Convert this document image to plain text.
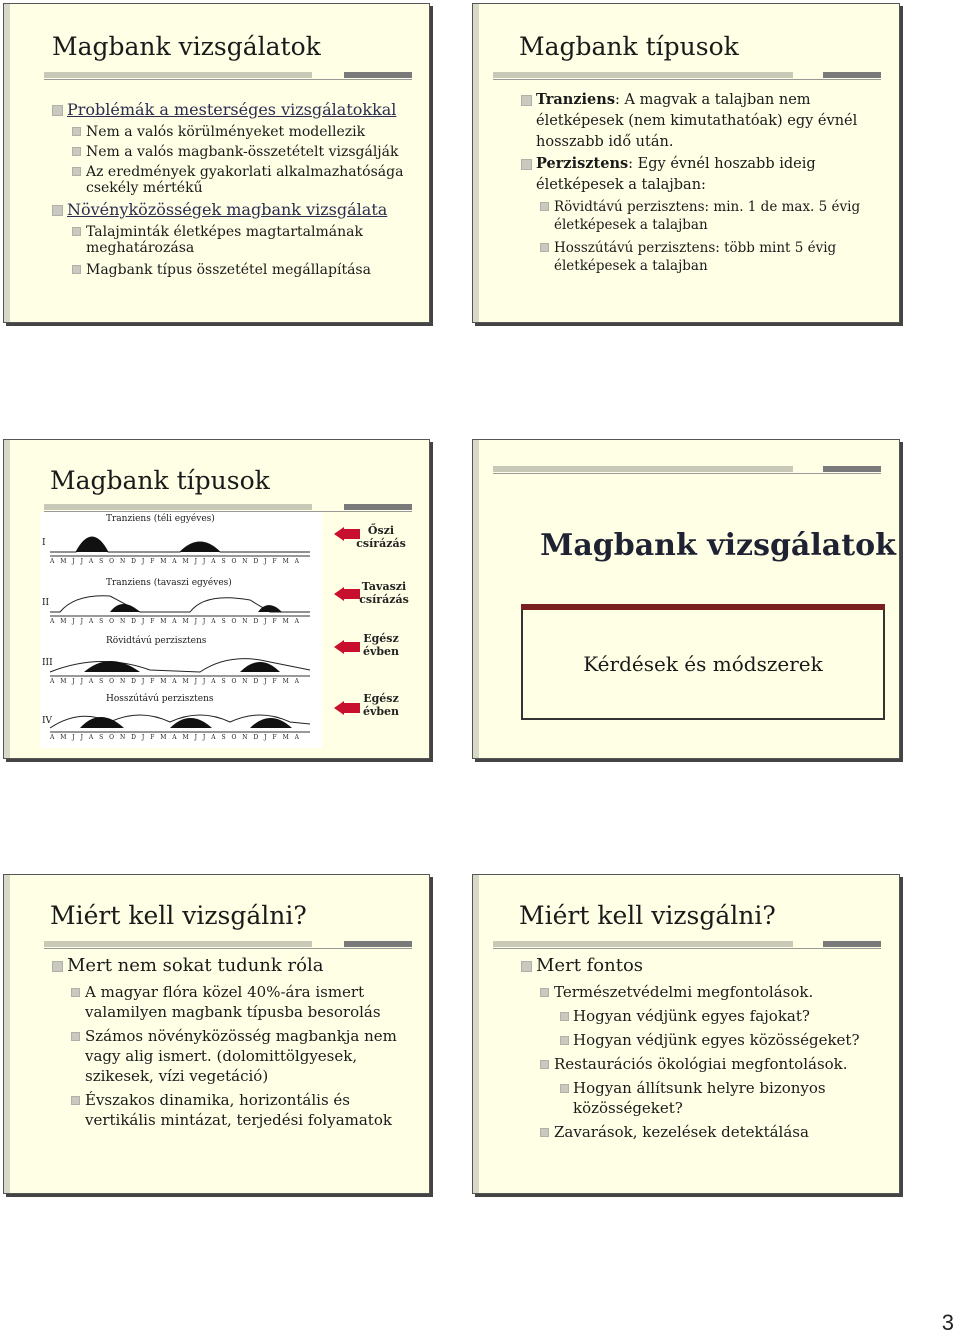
Magbank vizsgálatok
Problémák a mesterséges vizsgálatokkal
Nem a valós körülményeket modellezik
Nem a valós magbank-összetételt vizsgálják
Az eredmények gyakorlati alkalmazhatósága
csekély mértékű
Növényközösségek magbank vizsgálata
Talajminták életképes magtartalmának
meghatározása
Magbank típus összetétel megállapítása
Magbank típusok
Tranziens: A magvak a talajban nem
életképesek (nem kimutathatóak) egy évnél
hosszabb idő után.
Perzisztens: Egy évnél hoszabb ideig
életképesek a talajban:
Rövidtávú perzisztens: min. 1 de max. 5 évig
életképesek a talajban
Hosszútávú perzisztens: több mint 5 évig
életképesek a talajban
Magbank típusok
Tranziens (téli egyéves)
I
A M J J A S O N D J F M A M J J A S O N D J F M A
Tranziens (tavaszi egyéves)
II
A M J J A S O N D J F M A M J J A S O N D J F M A
Rövidtávú perzisztens
III
A M J J A S O N D J F M A M J J A S O N D J F M A
Hosszútávú perzisztens
IV
A M J J A S O N D J F M A M J J A S O N D J F M A
Őszi
csírázás
Tavaszi
csírázás
Egész
évben
Egész
évben
Magbank vizsgálatok
Kérdések és módszerek
Miért kell vizsgálni?
Mert nem sokat tudunk róla
A magyar flóra közel 40%-ára ismert
valamilyen magbank típusba besorolás
Számos növényközösség magbankja nem
vagy alig ismert. (dolomittölgyesek,
szikesek, vízi vegetáció)
Évszakos dinamika, horizontális és
vertikális mintázat, terjedési folyamatok
Miért kell vizsgálni?
Mert fontos
Természetvédelmi megfontolások.
Hogyan védjünk egyes fajokat?
Hogyan védjünk egyes közösségeket?
Restaurációs ökológiai megfontolások.
Hogyan állítsunk helyre bizonyos
közösségeket?
Zavarások, kezelések detektálása
3
